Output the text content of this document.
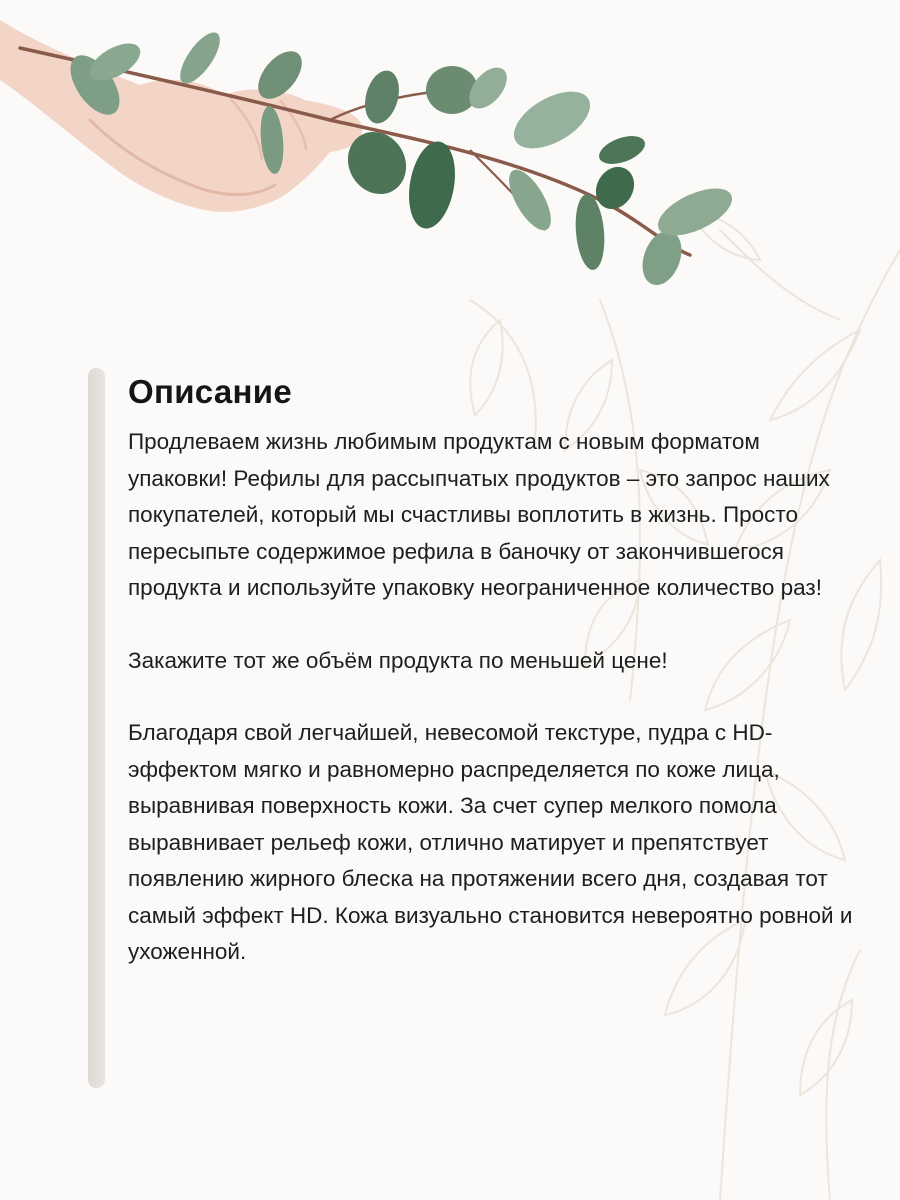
Описание

Продлеваем жизнь любимым продуктам с новым форматом упаковки! Рефилы для рассыпчатых продуктов – это запрос наших покупателей, который мы счастливы воплотить в жизнь. Просто пересыпьте содержимое рефила в баночку от закончившегося продукта и используйте упаковку неограниченное количество раз!

Закажите тот же объём продукта по меньшей цене!

Благодаря свой легчайшей, невесомой текстуре, пудра с HD-эффектом мягко и равномерно распределяется по коже лица, выравнивая поверхность кожи. За счет супер мелкого помола выравнивает рельеф кожи, отлично матирует и препятствует появлению жирного блеска на протяжении всего дня, создавая тот самый эффект HD. Кожа визуально становится невероятно ровной и ухоженной.
